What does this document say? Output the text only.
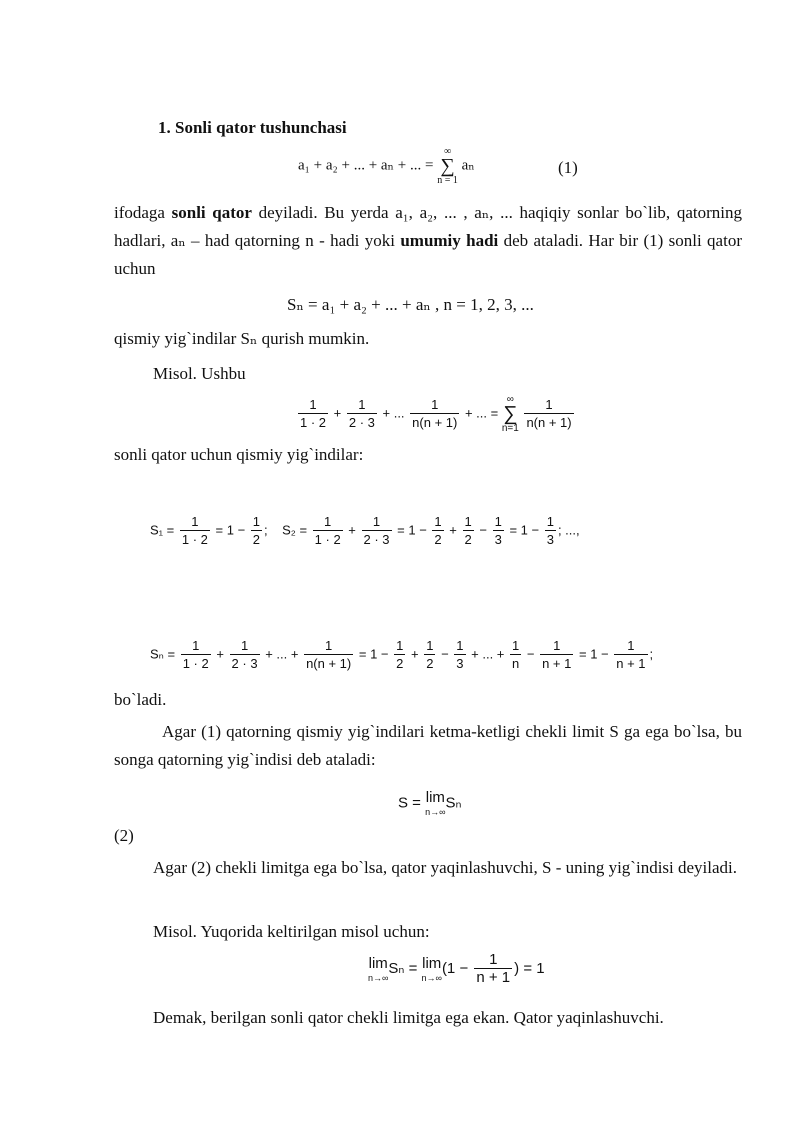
1. Sonli qator tushunchasi
a₁ + a₂ + ... + aₙ + ... = ∞
∑
n = 1 aₙ	(1)
ifodaga sonli qator deyiladi. Bu yerda a₁, a₂, ... , aₙ, ... haqiqiy sonlar bo`lib, qatorning hadlari, aₙ – had qatorning n - hadi yoki umumiy hadi deb ataladi. Har bir (1) sonli qator uchun
Sₙ = a₁ + a₂ + ... + aₙ , n = 1, 2, 3, ...
qismiy yig`indilar Sₙ qurish mumkin.
Misol. Ushbu
$\frac{1}{1 \cdot 2} + \frac{1}{2 \cdot 3}$ + ... $\frac{1}{n(n + 1)}$ + ... = ∞
∑
$n=1 \frac{1}{n(n + 1)}$
sonli qator uchun qismiy yig`indilar:
$S_1 = \frac{1}{1 \cdot 2} = 1 - \frac{1}{2}$ ; $S_2 = \frac{1}{1 \cdot 2} + \frac{1}{2 \cdot 3} = 1 - \frac{1}{2} + \frac{1}{2} - \frac{1}{3} = 1 - \frac{1}{3}$ ; ...,
$S_n = \frac{1}{1 \cdot 2} + \frac{1}{2 \cdot 3}$ + ... + $\frac{1}{n(n + 1)} = 1 - \frac{1}{2} + \frac{1}{2} - \frac{1}{3}$ + ... + $\frac{1}{n} - \frac{1}{n + 1} = 1 - \frac{1}{n + 1}$ ;
bo`ladi.
Agar (1) qatorning qismiy yig`indilari ketma-ketligi chekli limit S ga ega bo`lsa, bu songa qatorning yig`indisi deb ataladi:
S = lim
n→∞
Sₙ
(2)
Agar (2) chekli limitga ega bo`lsa, qator yaqinlashuvchi, S - uning yig`indisi deyiladi.
Misol. Yuqorida keltirilgan misol uchun:
lim
n→∞
Sₙ = lim
n→∞
($1 - \frac{1}{n + 1}$ ) = 1
Demak, berilgan sonli qator chekli limitga ega ekan. Qator yaqinlashuvchi.
